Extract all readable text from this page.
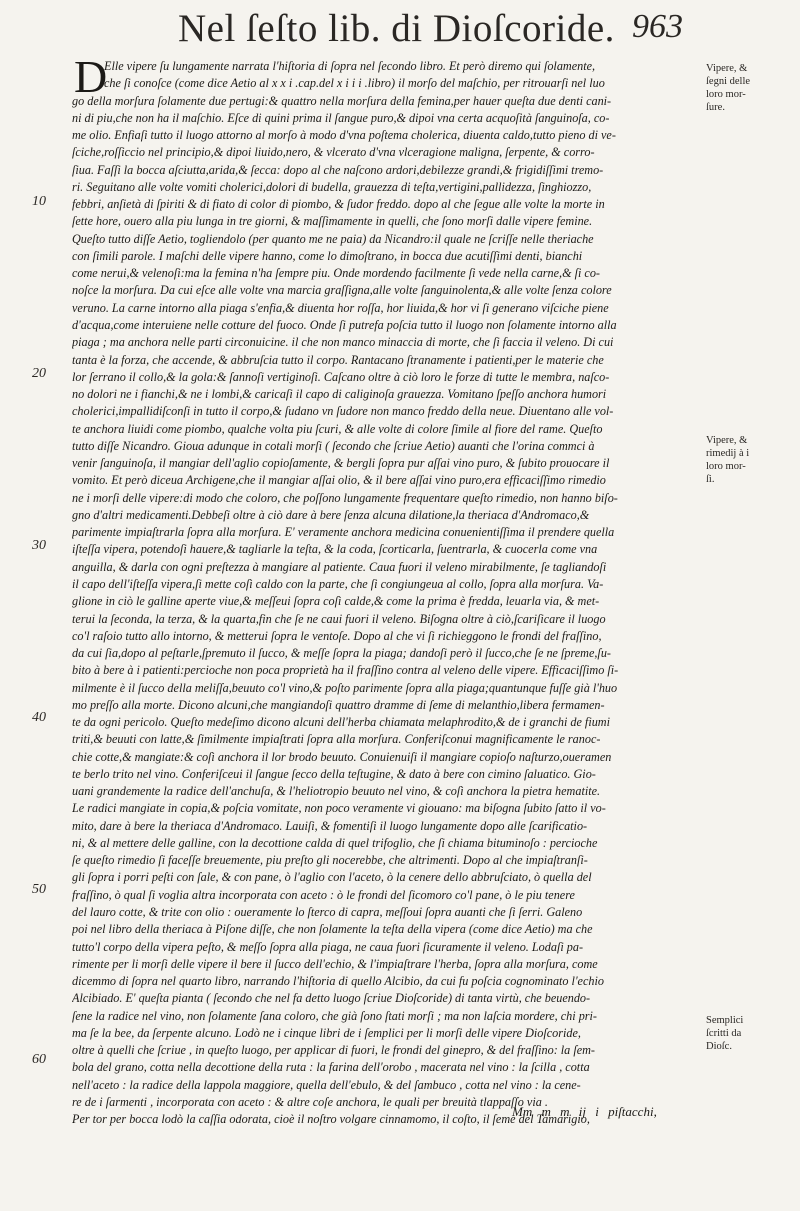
Nel ſeſto lib. di Dioſcoride. 963
D
Elle vipere ſu lungamente narrata l'hiſtoria di ſopra nel ſecondo libro. Et però diremo qui ſolamente,
che ſi conoſce (come dice Aetio al x x i .cap.del x i i i .libro) il morſo del maſchio, per ritrouarſi nel luo
go della morſura ſolamente due pertugi:& quattro nella morſura della femina,per hauer queſta due denti cani-
ni di piu,che non ha il maſchio. Eſce di quini prima il ſangue puro,& dipoi vna certa acquoſità ſanguinoſa, co-
me olio. Enfiaſi tutto il luogo attorno al morſo à modo d'vna poſtema cholerica, diuenta caldo,tutto pieno di ve-
ſciche,roſſiccio nel principio,& dipoi liuido,nero, & vlcerato d'vna vlceragione maligna, ſerpente, & corro-
ſiua. Faſſi la bocca aſciutta,arida,& ſecca: dopo al che naſcono ardori,debilezze grandi,& frigidiſſimi tremo-
ri. Seguitano alle volte vomiti cholerici,dolori di budella, grauezza di teſta,vertigini,pallidezza, ſinghiozzo,
febbri, anſietà di ſpiriti & di fiato di color di piombo, & ſudor freddo. dopo al che ſegue alle volte la morte in
ſette hore, ouero alla piu lunga in tre giorni, & maſſimamente in quelli, che ſono morſi dalle vipere femine.
Queſto tutto diſſe Aetio, togliendolo (per quanto me ne paia) da Nicandro:il quale ne ſcriſſe nelle theriache
con ſimili parole. I maſchi delle vipere hanno, come lo dimoſtrano, in bocca due acutiſſimi denti, bianchi
come nerui,& velenoſi:ma la femina n'ha ſempre piu. Onde mordendo facilmente ſi vede nella carne,& ſi co-
noſce la morſura. Da cui eſce alle volte vna marcia graſſigna,alle volte ſanguinolenta,& alle volte ſenza colore
veruno. La carne intorno alla piaga s'enfia,& diuenta hor roſſa, hor liuida,& hor vi ſi generano viſciche piene
d'acqua,come interuiene nelle cotture del fuoco. Onde ſi putrefa poſcia tutto il luogo non ſolamente intorno alla
piaga ; ma anchora nelle parti circonuicine. il che non manco minaccia di morte, che ſi faccia il veleno. Di cui
tanta è la forza, che accende, & abbruſcia tutto il corpo. Rantacano ſtranamente i patienti,per le materie che
lor ſerrano il collo,& la gola:& ſannoſi vertiginoſi. Caſcano oltre à ciò loro le forze di tutte le membra, naſco-
no dolori ne i fianchi,& ne i lombi,& caricaſi il capo di caliginoſa grauezza. Vomitano ſpeſſo anchora humori
cholerici,impallidiſconſi in tutto il corpo,& ſudano vn ſudore non manco freddo della neue. Diuentano alle vol-
te anchora liuidi come piombo, qualche volta piu ſcuri, & alle volte di colore ſimile al fiore del rame. Queſto
tutto diſſe Nicandro. Gioua adunque in cotali morſi ( ſecondo che ſcriue Aetio) auanti che l'orina commci à
venir ſanguinoſa, il mangiar dell'aglio copioſamente, & bergli ſopra pur aſſai vino puro, & ſubito prouocare il
vomito. Et però diceua Archigene,che il mangiar aſſai olio, & il bere aſſai vino puro,era efficaciſſimo rimedio
ne i morſi delle vipere:di modo che coloro, che poſſono lungamente frequentare queſto rimedio, non hanno biſo-
gno d'altri medicamenti.Debbeſi oltre à ciò dare à bere ſenza alcuna dilatione,la theriaca d'Andromaco,&
parimente impiaſtrarla ſopra alla morſura. E' veramente anchora medicina conuenientiſſima il prendere quella
iſteſſa vipera, potendoſi hauere,& tagliarle la teſta, & la coda, ſcorticarla, ſuentrarla, & cuocerla come vna
anguilla, & darla con ogni preſtezza à mangiare al patiente. Caua fuori il veleno mirabilmente, ſe tagliandoſi
il capo dell'iſteſſa vipera,ſi mette coſì caldo con la parte, che ſi congiungeua al collo, ſopra alla morſura. Va-
glione in ciò le galline aperte viue,& meſſeui ſopra coſì calde,& come la prima è fredda, leuarla via, & met-
terui la ſeconda, la terza, & la quarta,fin che ſe ne caui fuori il veleno. Biſogna oltre à ciò,ſcariſicare il luogo
co'l raſoio tutto allo intorno, & metterui ſopra le ventoſe. Dopo al che vi ſi richieggono le frondi del fraſſino,
da cui ſia,dopo al peſtarle,ſpremuto il ſucco, & meſſe ſopra la piaga; dandoſi però il ſucco,che ſe ne ſpreme,ſu-
bito à bere à i patienti:percioche non poca proprietà ha il fraſſino contra al veleno delle vipere. Efficaciſſimo ſi-
milmente è il ſucco della meliſſa,beuuto co'l vino,& poſto parimente ſopra alla piaga;quantunque fuſſe già l'huo
mo preſſo alla morte. Dicono alcuni,che mangiandoſi quattro dramme di ſeme di melanthio,libera fermamen-
te da ogni pericolo. Queſto medeſimo dicono alcuni dell'herba chiamata melaphrodito,& de i granchi de fiumi
triti,& beuuti con latte,& ſimilmente impiaſtrati ſopra alla morſura. Conferiſconui magnificamente le ranoc-
chie cotte,& mangiate:& coſì anchora il lor brodo beuuto. Conuienuiſi il mangiare copioſo naſturzo,oueramen
te berlo trito nel vino. Conferiſceui il ſangue ſecco della teſtugine, & dato à bere con cimino ſaluatico. Gio-
uani grandemente la radice dell'anchuſa, & l'heliotropio beuuto nel vino, & coſì anchora la pietra hematite.
Le radici mangiate in copia,& poſcia vomitate, non poco veramente vi giouano: ma biſogna ſubito ſatto il vo-
mito, dare à bere la theriaca d'Andromaco. Lauiſi, & fomentiſi il luogo lungamente dopo alle ſcarificatio-
ni, & al mettere delle galline, con la decottione calda di quel trifoglio, che ſi chiama bituminoſo : percioche
ſe queſto rimedio ſi faceſſe breuemente, piu preſto gli nocerebbe, che altrimenti. Dopo al che impiaſtranſi-
gli ſopra i porri peſti con ſale, & con pane, ò l'aglio con l'aceto, ò la cenere dello abbruſciato, ò quella del
fraſſino, ò qual ſi voglia altra incorporata con aceto : ò le frondi del ſicomoro co'l pane, ò le piu tenere
del lauro cotte, & trite con olio : oueramente lo ſterco di capra, meſſoui ſopra auanti che ſi ſerri. Galeno
poi nel libro della theriaca à Piſone diſſe, che non ſolamente la teſta della vipera (come dice Aetio) ma che
tutto'l corpo della vipera peſto, & meſſo ſopra alla piaga, ne caua fuori ſicuramente il veleno. Lodaſi pa-
rimente per li morſi delle vipere il bere il ſucco dell'echio, & l'impiaſtrare l'herba, ſopra alla morſura, come
dicemmo di ſopra nel quarto libro, narrando l'hiſtoria di quello Alcibio, da cui fu poſcia cognominato l'echio
Alcibiado. E' queſta pianta ( ſecondo che nel fa detto luogo ſcriue Dioſcoride) di tanta virtù, che beuendo-
ſene la radice nel vino, non ſolamente ſana coloro, che già ſono ſtati morſi ; ma non laſcia mordere, chi pri-
ma ſe la bee, da ſerpente alcuno. Lodò ne i cinque libri de i ſemplici per li morſi delle vipere Dioſcoride,
oltre à quelli che ſcriue , in queſto luogo, per applicar di fuori, le frondi del ginepro, & del fraſſino: la ſem-
bola del grano, cotta nella decottione della ruta : la farina dell'orobo , macerata nel vino : la ſcilla , cotta
nell'aceto : la radice della lappola maggiore, quella dell'ebulo, & del ſambuco , cotta nel vino : la cene-
re de i ſarmenti , incorporata con aceto : & altre coſe anchora, le quali per breuità tlappaſſo via .
Per tor per bocca lodò la caſſia odorata, cioè il noſtro volgare cinnamomo, il coſto, il ſeme del Tamarigio,
10
20
30
40
50
60
Vipere, &
ſegni delle
loro mor-
ſure.
Vipere, &
rimedij à i
loro mor-
ſi.
Semplici
ſcritti da
Dioſc.
Mm m m ij i piſtacchi,
